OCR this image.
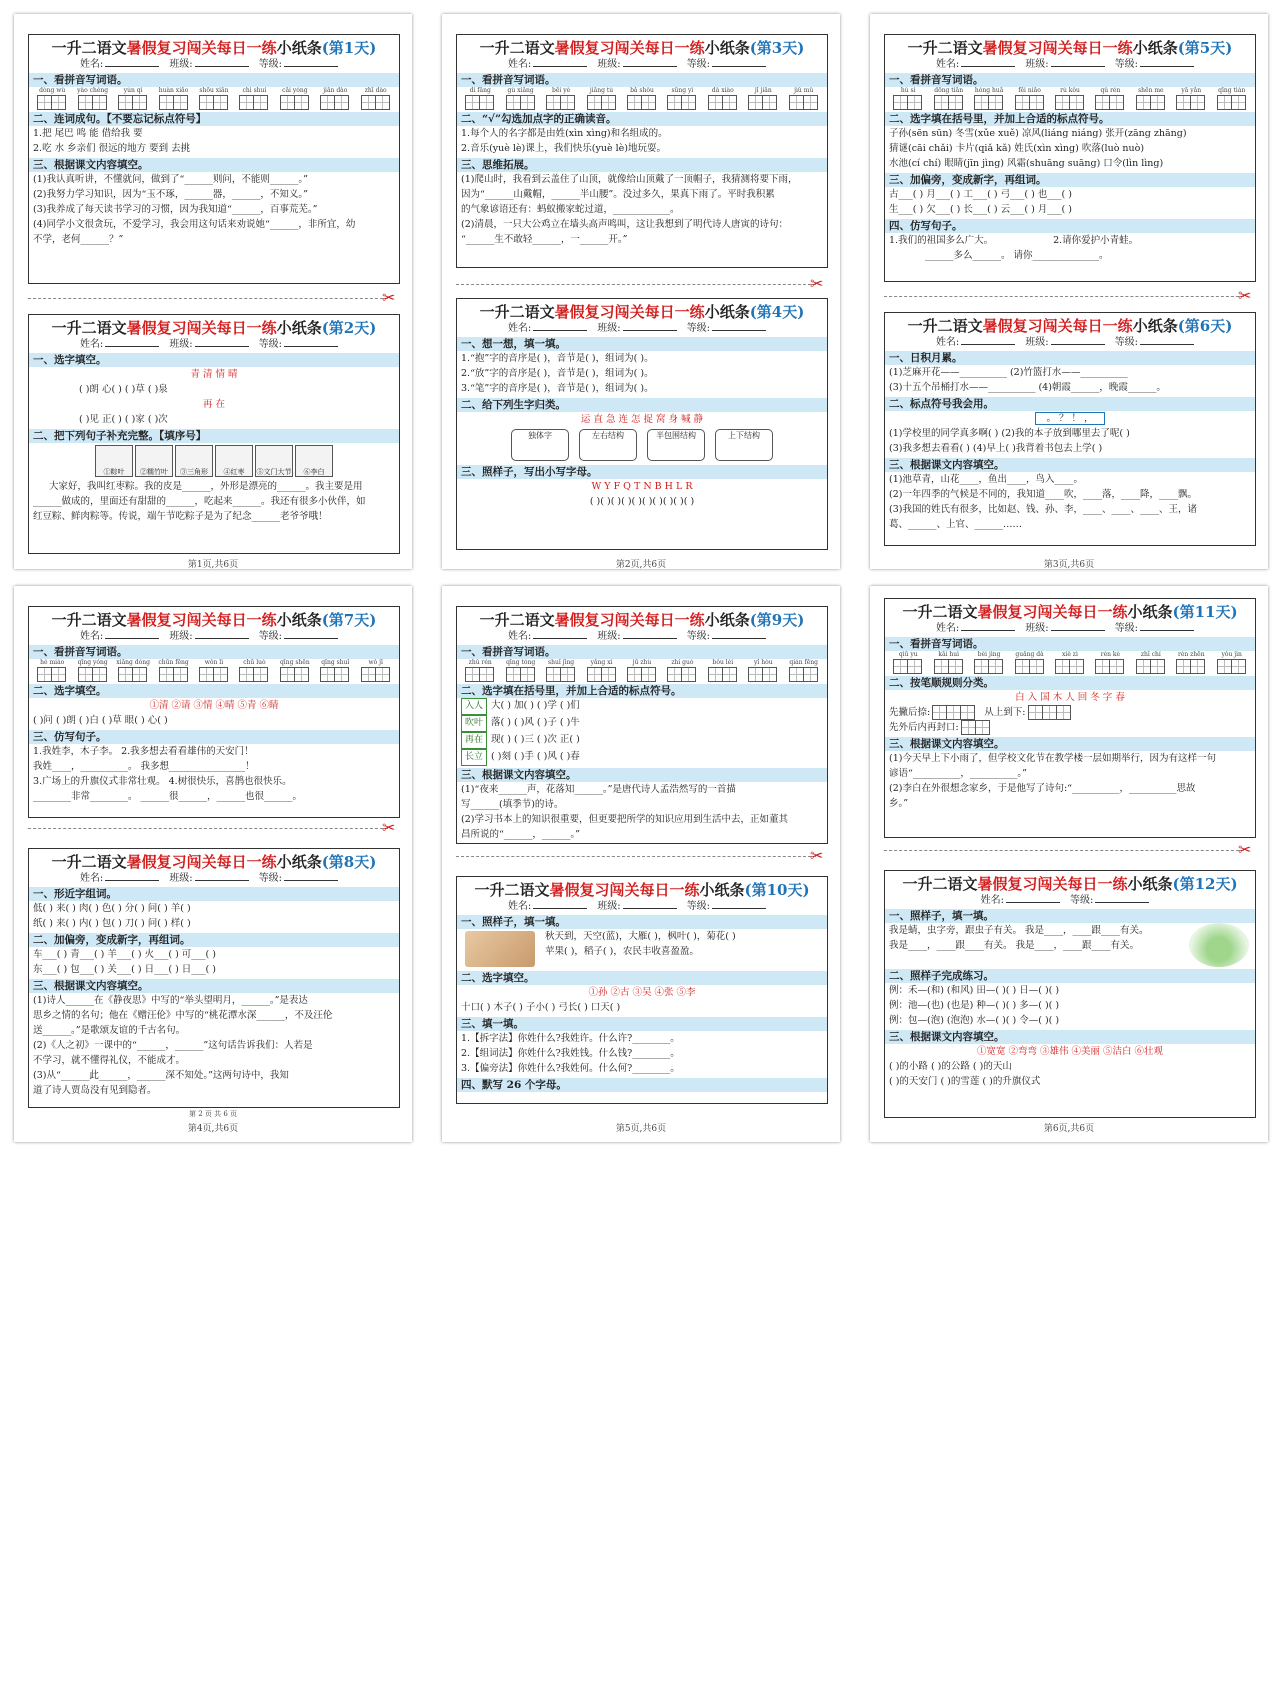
一升二语文暑假复习闯关每日一练小纸条(第1天)
姓名:	班级:	等级:
一、看拼音写词语。
dòng wù	yào chéng	yún qì	huàn xiǎo	shōu xiān	chì shuí	cāi yóng	jiān dào	zhī dào
二、连词成句。【不要忘记标点符号】
1.把 尾巴 鸣 能 借给我 要
2.吃 水 乡亲们 很远的地方 要到 去挑
三、根据课文内容填空。
(1)我认真听讲，不懂就问，做到了“______则问，不能则______。”
(2)我努力学习知识，因为“玉不琢，______器，______，不知义。”
(3)我养成了每天读书学习的习惯，因为我知道“______，百事荒芜。”
(4)同学小文很贪玩，不爱学习，我会用这句话来劝说她“______，非所宜，幼
不学，老何______？”
✂
一升二语文暑假复习闯关每日一练小纸条(第2天)
姓名:	班级:	等级:
一、选字填空。
青 清 情 晴
( )朗 心( ) ( )草 ( )泉
再 在
( )见 正( ) ( )家 ( )次
二、把下列句子补充完整。【填序号】
①粽叶	②糯竹叶	③三角形	④红枣	⑤文门大节	⑥李白
大家好，我叫红枣粽。我的皮是______，外形是漂亮的______。我主要是用
______做成的，里面还有甜甜的______，吃起来______。我还有很多小伙伴，如
红豆粽、鲜肉粽等。传说，端午节吃粽子是为了纪念______老爷爷哦！
第1页,共6页
一升二语文暑假复习闯关每日一练小纸条(第3天)
姓名:	班级:	等级:
一、看拼音写词语。
dì fāng	gù xiāng	bēi yè	jiāng tú	bǎ shǒu	sūng yì	dà xiào	jǐ jiān	jiǔ mǔ
二、“√”勾选加点字的正确读音。
1.每个人的名字都是由姓(xìn xìng)和名组成的。
2.音乐(yuè lè)课上，我们快乐(yuè lè)地玩耍。
三、思维拓展。
(1)爬山时，我看到云盖住了山顶，就像给山顶戴了一顶帽子，我猜测将要下雨，
因为“______山戴帽，______半山腰”。没过多久，果真下雨了。平时我积累
的气象谚语还有：蚂蚁搬家蛇过道，____________。
(2)清晨，一只大公鸡立在墙头高声鸣叫，这让我想到了明代诗人唐寅的诗句：
“______生不敢轻______，一______开。”
✂
一升二语文暑假复习闯关每日一练小纸条(第4天)
姓名:	班级:	等级:
一、想一想，填一填。
1.“抱”字的音序是( )，音节是( )，组词为( )。
2.“放”字的音序是( )，音节是( )，组词为( )。
3.“笔”字的音序是( )，音节是( )，组词为( )。
二、给下列生字归类。
运 直 急 连 怎 捉 窝 身 喊 静
独体字	左右结构	半包围结构	上下结构
三、照样子，写出小写字母。
W Y F Q T N B H L R
( )( )( )( )( )( )( )( )( )( )
第2页,共6页
一升二语文暑假复习闯关每日一练小纸条(第5天)
姓名:	班级:	等级:
一、看拼音写词语。
hù sì	dōng tiān	hóng huā	fēi niǎo	rú kǒu	qǔ rén	shēn me	yā yǎn	qīng tián
二、选字填在括号里，并加上合适的标点符号。
子孙(sēn sūn) 冬雪(xǔe xuě) 凉风(liáng niáng) 张开(zāng zhāng)
猜谜(cāi chǎi) 卡片(qiǎ kǎ) 姓氏(xìn xìng) 吹落(luò nuò)
水池(cí chí) 眼睛(jīn jìng) 风霜(shuāng suāng) 口令(lìn lìng)
三、加偏旁，变成新字，再组词。
古___( ) 月___( ) 工___( ) 弓___( ) 也___( )
生___( ) 欠___( ) 长___( ) 云___( ) 月___( )
四、仿写句子。
1.我们的祖国多么广大。	2.请你爱护小青蛙。
______多么______。 请你______________。
✂
一升二语文暑假复习闯关每日一练小纸条(第6天)
姓名:	班级:	等级:
一、日积月累。
(1)芝麻开花——__________ (2)竹篮打水——__________
(3)十五个吊桶打水——__________ (4)朝霞______，晚霞______。
二、标点符号我会用。
。 ？ ！ ，
(1)学校里的同学真多啊( ) (2)我的本子放到哪里去了呢( )
(3)我多想去看看( ) (4)早上( )我背着书包去上学( )
三、根据课文内容填空。
(1)池草青，山花____，鱼出____，鸟入____。
(2)一年四季的气候是不同的，我知道____吹，____落，____降，____飘。
(3)我国的姓氏有很多，比如赵、钱、孙、李，____、____、____、王，诸
葛、______、上官、______……
第3页,共6页
一升二语文暑假复习闯关每日一练小纸条(第7天)
姓名:	班级:	等级:
一、看拼音写词语。
hé miáo	qīng yóng	xiāng dòng	chūn fēng	wǒn lì	chū luò	qīng shēn	qīng shuǐ	wǒ jī
二、选字填空。
①清 ②请 ③情 ④晴 ⑤青 ⑥睛
( )问 ( )朗 ( )白 ( )草 眼( ) 心( )
三、仿写句子。
1.我姓李，木子李。 2.我多想去看看雄伟的天安门！
我姓____，__________。 我多想________________！
3.广场上的升旗仪式非常壮观。 4.树很快乐，喜鹊也很快乐。
________非常________。 ______很______，______也很______。
✂
一升二语文暑假复习闯关每日一练小纸条(第8天)
姓名:	班级:	等级:
一、形近字组词。
低( ) 来( ) 肉( ) 色( ) 分( ) 问( ) 羊( )
纸( ) 来( ) 内( ) 包( ) 刀( ) 问( ) 样( )
二、加偏旁，变成新字，再组词。
车___( ) 青___( ) 羊___( ) 火___( ) 可___( )
东___( ) 包___( ) 关___( ) 日___( ) 日___( )
三、根据课文内容填空。
(1)诗人______在《静夜思》中写的“举头望明月，______。”是表达
思乡之情的名句；他在《赠汪伦》中写的“桃花潭水深______，不及汪伦
送______。”是歌颂友谊的千古名句。
(2)《人之初》一课中的“______，______”这句话告诉我们：人若是
不学习，就不懂得礼仪，不能成才。
(3)从“______此______，______深不知处。”这两句诗中，我知
道了诗人贾岛没有见到隐者。
第 2 页 共 6 页
第4页,共6页
一升二语文暑假复习闯关每日一练小纸条(第9天)
姓名:	班级:	等级:
一、看拼音写词语。
zhǔ rén	qīng tóng	shuǐ jīng	yǎng xì	jū zhù	zhí guó	bǒu léi	yǐ hòu	qián fēng
二、选字填在括号里，并加上合适的标点符号。
入人 大( ) 加( ) ( )学 ( )们
吹叶 落( ) ( )风 ( )子 ( )牛
再在 现( ) ( )三 ( )次 正( )
长立 ( )刻 ( )手 ( )风 ( )春
三、根据课文内容填空。
(1)“夜来______声，花落知______。”是唐代诗人孟浩然写的一首描
写______(填季节)的诗。
(2)学习书本上的知识很重要，但更要把所学的知识应用到生活中去，正如董其
昌所说的“______，______。”
✂
一升二语文暑假复习闯关每日一练小纸条(第10天)
姓名:	班级:	等级:
一、照样子，填一填。
秋天到，天空(蓝)，大雁( )，枫叶( )，菊花( )
苹果( )，稻子( )，农民丰收喜盈盈。
二、选字填空。
①孙 ②古 ③吴 ④张 ⑤李
十口( ) 木子( ) 子小( ) 弓长( ) 口天( )
三、填一填。
1.【拆字法】你姓什么?我姓许。什么许?________。
2.【组词法】你姓什么?我姓钱。什么钱?________。
3.【偏旁法】你姓什么?我姓何。什么何?________。
四、默写 26 个字母。
第5页,共6页
一升二语文暑假复习闯关每日一练小纸条(第11天)
姓名:	班级:	等级:
一、看拼音写词语。
qiū yu	kāi huì	bèi jìng	guǎng dà	xiě zì	rèn kè	zhī chí	rèn zhēn	yǒu jìn
二、按笔顺规则分类。
白 入 国 木 人 回 冬 字 春
先撇后捺:	从上到下:
先外后内再封口:
三、根据课文内容填空。
(1)今天早上下小雨了，但学校文化节在教学楼一层如期举行，因为有这样一句
谚语“__________，__________。”
(2)李白在外很想念家乡，于是他写了诗句:“__________，__________思故
乡。”
✂
一升二语文暑假复习闯关每日一练小纸条(第12天)
姓名:	等级:
一、照样子，填一填。
我是蜻，虫字旁，跟虫子有关。 我是____，____跟____有关。
我是____，____跟____有关。 我是____，____跟____有关。
二、照样子完成练习。
例：禾—(和) (和风) 田—( )( ) 日—( )( )
例：池—(也) (也是) 种—( )( ) 多—( )( )
例：包—(泡) (泡泡) 水—( )( ) 令—( )( )
三、根据课文内容填空。
①宽宽 ②弯弯 ③雄伟 ④美丽 ⑤洁白 ⑥壮观
( )的小路 ( )的公路 ( )的天山
( )的天安门 ( )的雪莲 ( )的升旗仪式
第6页,共6页
